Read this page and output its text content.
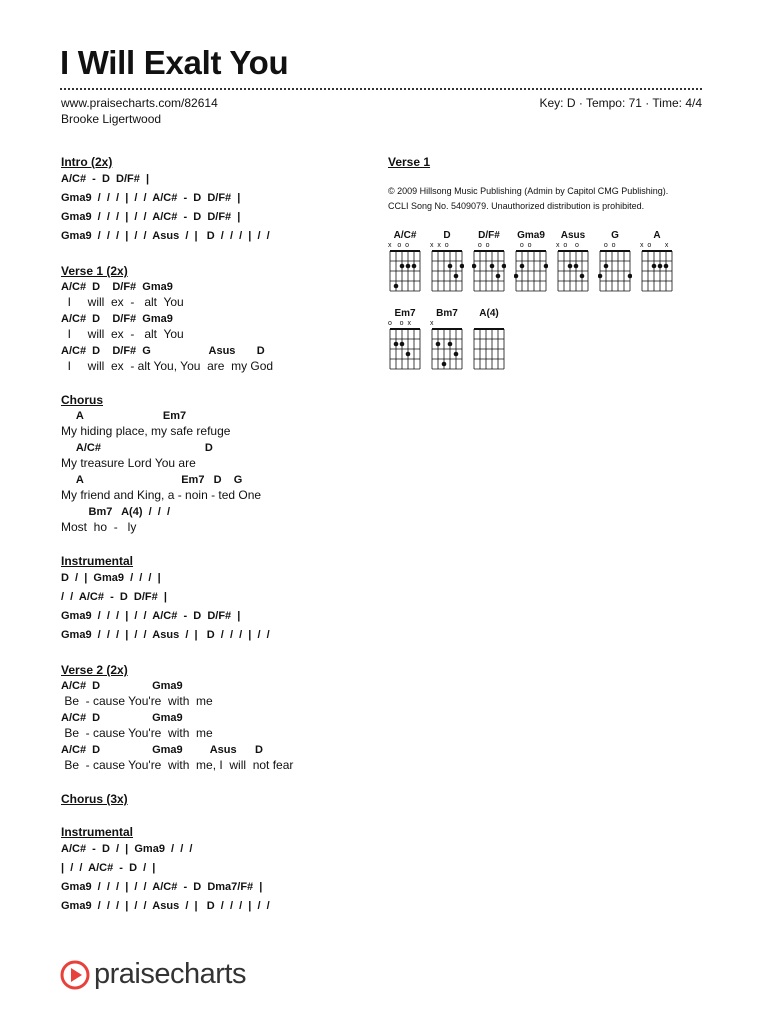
I Will Exalt You
www.praisecharts.com/82614
Brooke Ligertwood
Key: D · Tempo: 71 · Time: 4/4
Intro (2x)
A/C#  -  D  D/F#  |
Gma9  /  /  /  |  /  /  A/C#  -  D  D/F#  |
Gma9  /  /  /  |  /  /  A/C#  -  D  D/F#  |
Gma9  /  /  /  |  /  /  Asus  /  |   D  /  /  /  |  /  /
Verse 1 (2x)
A/C#  D    D/F#  Gma9
I     will  ex  -   alt  You
A/C#  D    D/F#  Gma9
I     will  ex  -   alt  You
A/C#  D    D/F#  G                   Asus       D
I     will  ex  - alt You, You  are  my God
Chorus
A                          Em7
My hiding place, my safe refuge
A/C#                                  D
My treasure Lord You are
A                                Em7   D    G
My friend and King, a - noin - ted One
Bm7   A(4)  /  /  /
Most  ho  -   ly
Instrumental
D  /  |  Gma9  /  /  /  |
/  /  A/C#  -  D  D/F#  |
Gma9  /  /  /  |  /  /  A/C#  -  D  D/F#  |
Gma9  /  /  /  |  /  /  Asus  /  |   D  /  /  /  |  /  /
Verse 2 (2x)
A/C#  D                 Gma9
Be  - cause You're  with  me
A/C#  D                 Gma9
Be  - cause You're  with  me
A/C#  D                 Gma9         Asus      D
Be  - cause You're  with  me, I  will  not fear
Chorus (3x)
Instrumental
A/C#  -  D  /  |  Gma9  /  /  /
|  /  /  A/C#  -  D  /  |
Gma9  /  /  /  |  /  /  A/C#  -  D  Dma7/F#  |
Gma9  /  /  /  |  /  /  Asus  /  |   D  /  /  /  |  /  /
Verse 1
© 2009 Hillsong Music Publishing (Admin by Capitol CMG Publishing).
CCLI Song No. 5409079. Unauthorized distribution is prohibited.
A/C#
x   o  o
D
x  x  o
D/F#
o  o
Gma9
o  o
Asus
x  o    o
G
o  o
A
x  o       x
Em7
o    o  x
Bm7
x
A(4)
praisecharts
